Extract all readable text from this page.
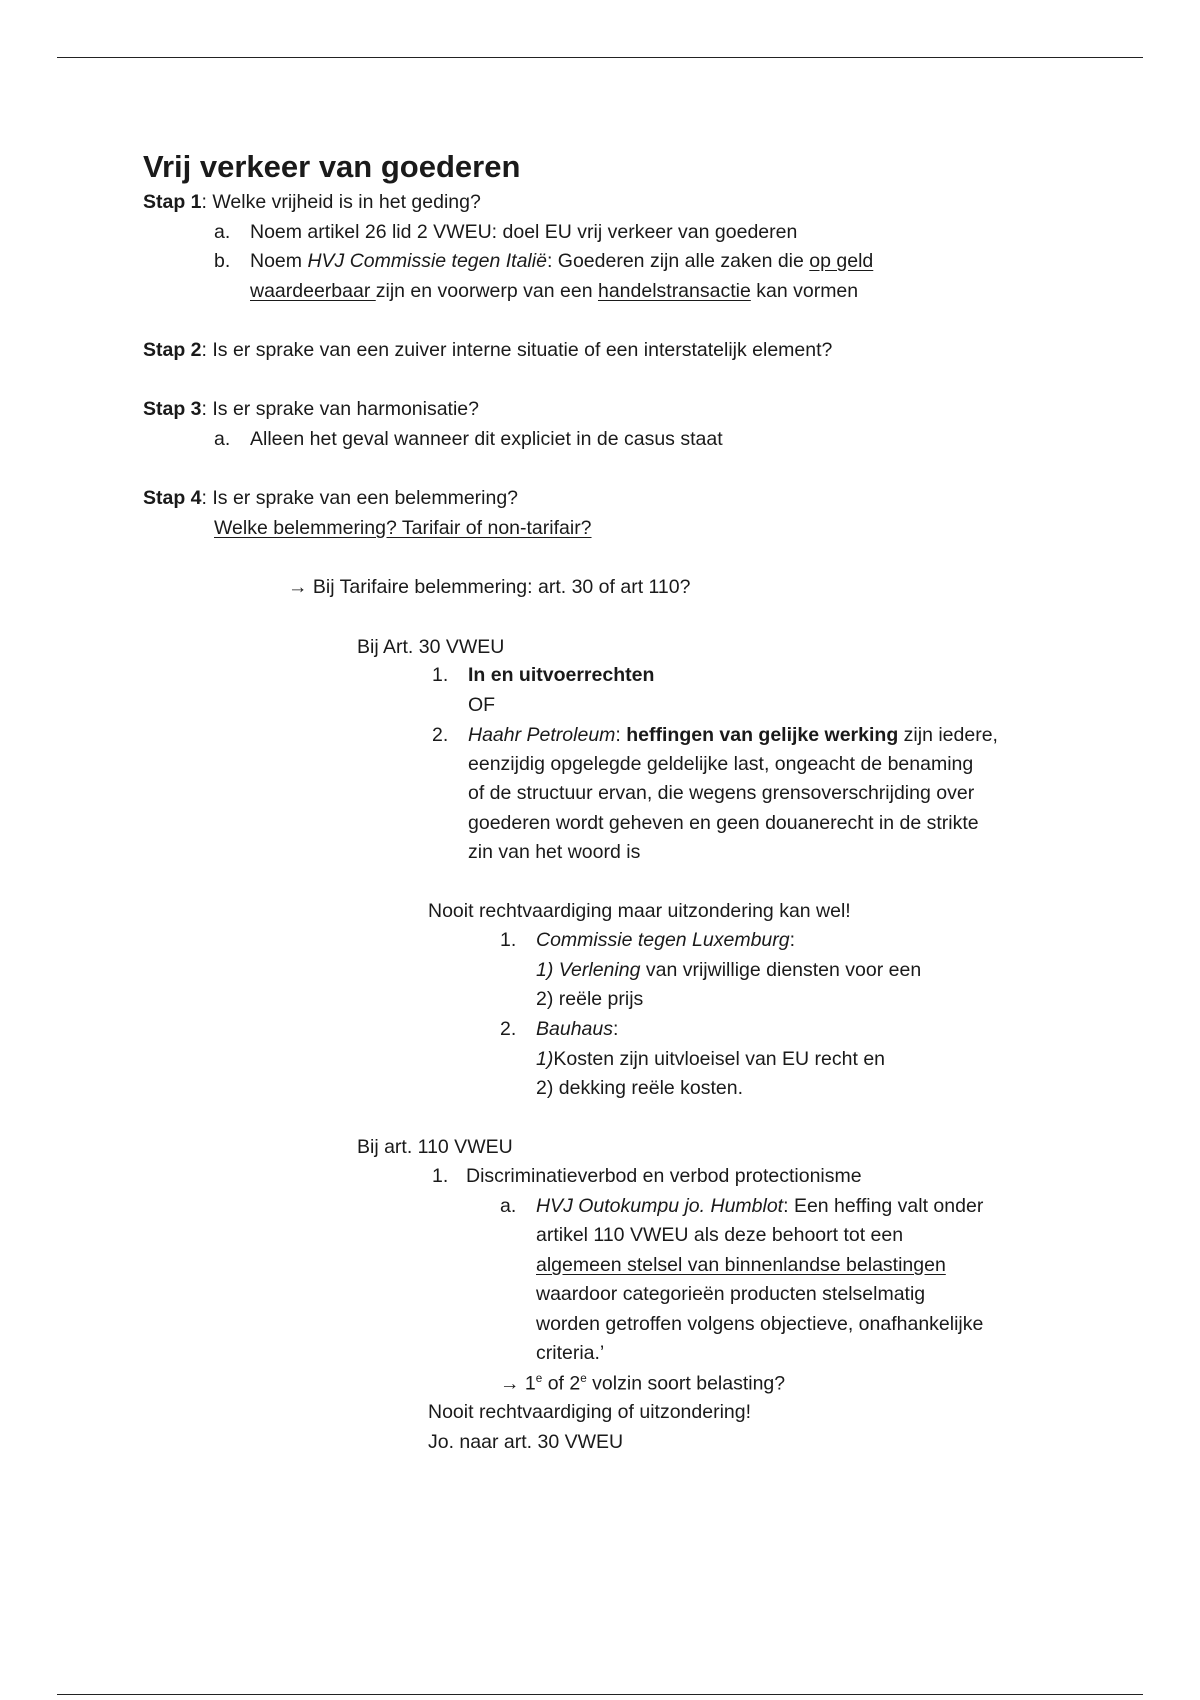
Vrij verkeer van goederen
Stap 1: Welke vrijheid is in het geding?
a. Noem artikel 26 lid 2 VWEU: doel EU vrij verkeer van goederen
b. Noem HVJ Commissie tegen Italië: Goederen zijn alle zaken die op geld
waardeerbaar zijn en voorwerp van een handelstransactie kan vormen
Stap 2: Is er sprake van een zuiver interne situatie of een interstatelijk element?
Stap 3: Is er sprake van harmonisatie?
a. Alleen het geval wanneer dit expliciet in de casus staat
Stap 4: Is er sprake van een belemmering?
Welke belemmering? Tarifair of non-tarifair?
→ Bij Tarifaire belemmering: art. 30 of art 110?
Bij Art. 30 VWEU
1. In en uitvoerrechten
OF
2. Haahr Petroleum: heffingen van gelijke werking zijn iedere,
eenzijdig opgelegde geldelijke last, ongeacht de benaming
of de structuur ervan, die wegens grensoverschrijding over
goederen wordt geheven en geen douanerecht in de strikte
zin van het woord is
Nooit rechtvaardiging maar uitzondering kan wel!
1. Commissie tegen Luxemburg:
1) Verlening van vrijwillige diensten voor een
2) reële prijs
2. Bauhaus:
1)Kosten zijn uitvloeisel van EU recht en
2) dekking reële kosten.
Bij art. 110 VWEU
1. Discriminatieverbod en verbod protectionisme
a. HVJ Outokumpu jo. Humblot: Een heffing valt onder
artikel 110 VWEU als deze behoort tot een
algemeen stelsel van binnenlandse belastingen
waardoor categorieën producten stelselmatig
worden getroffen volgens objectieve, onafhankelijke
criteria.’
→ $1^e$ of 2e volzin soort belasting?
Nooit rechtvaardiging of uitzondering!
Jo. naar art. 30 VWEU
